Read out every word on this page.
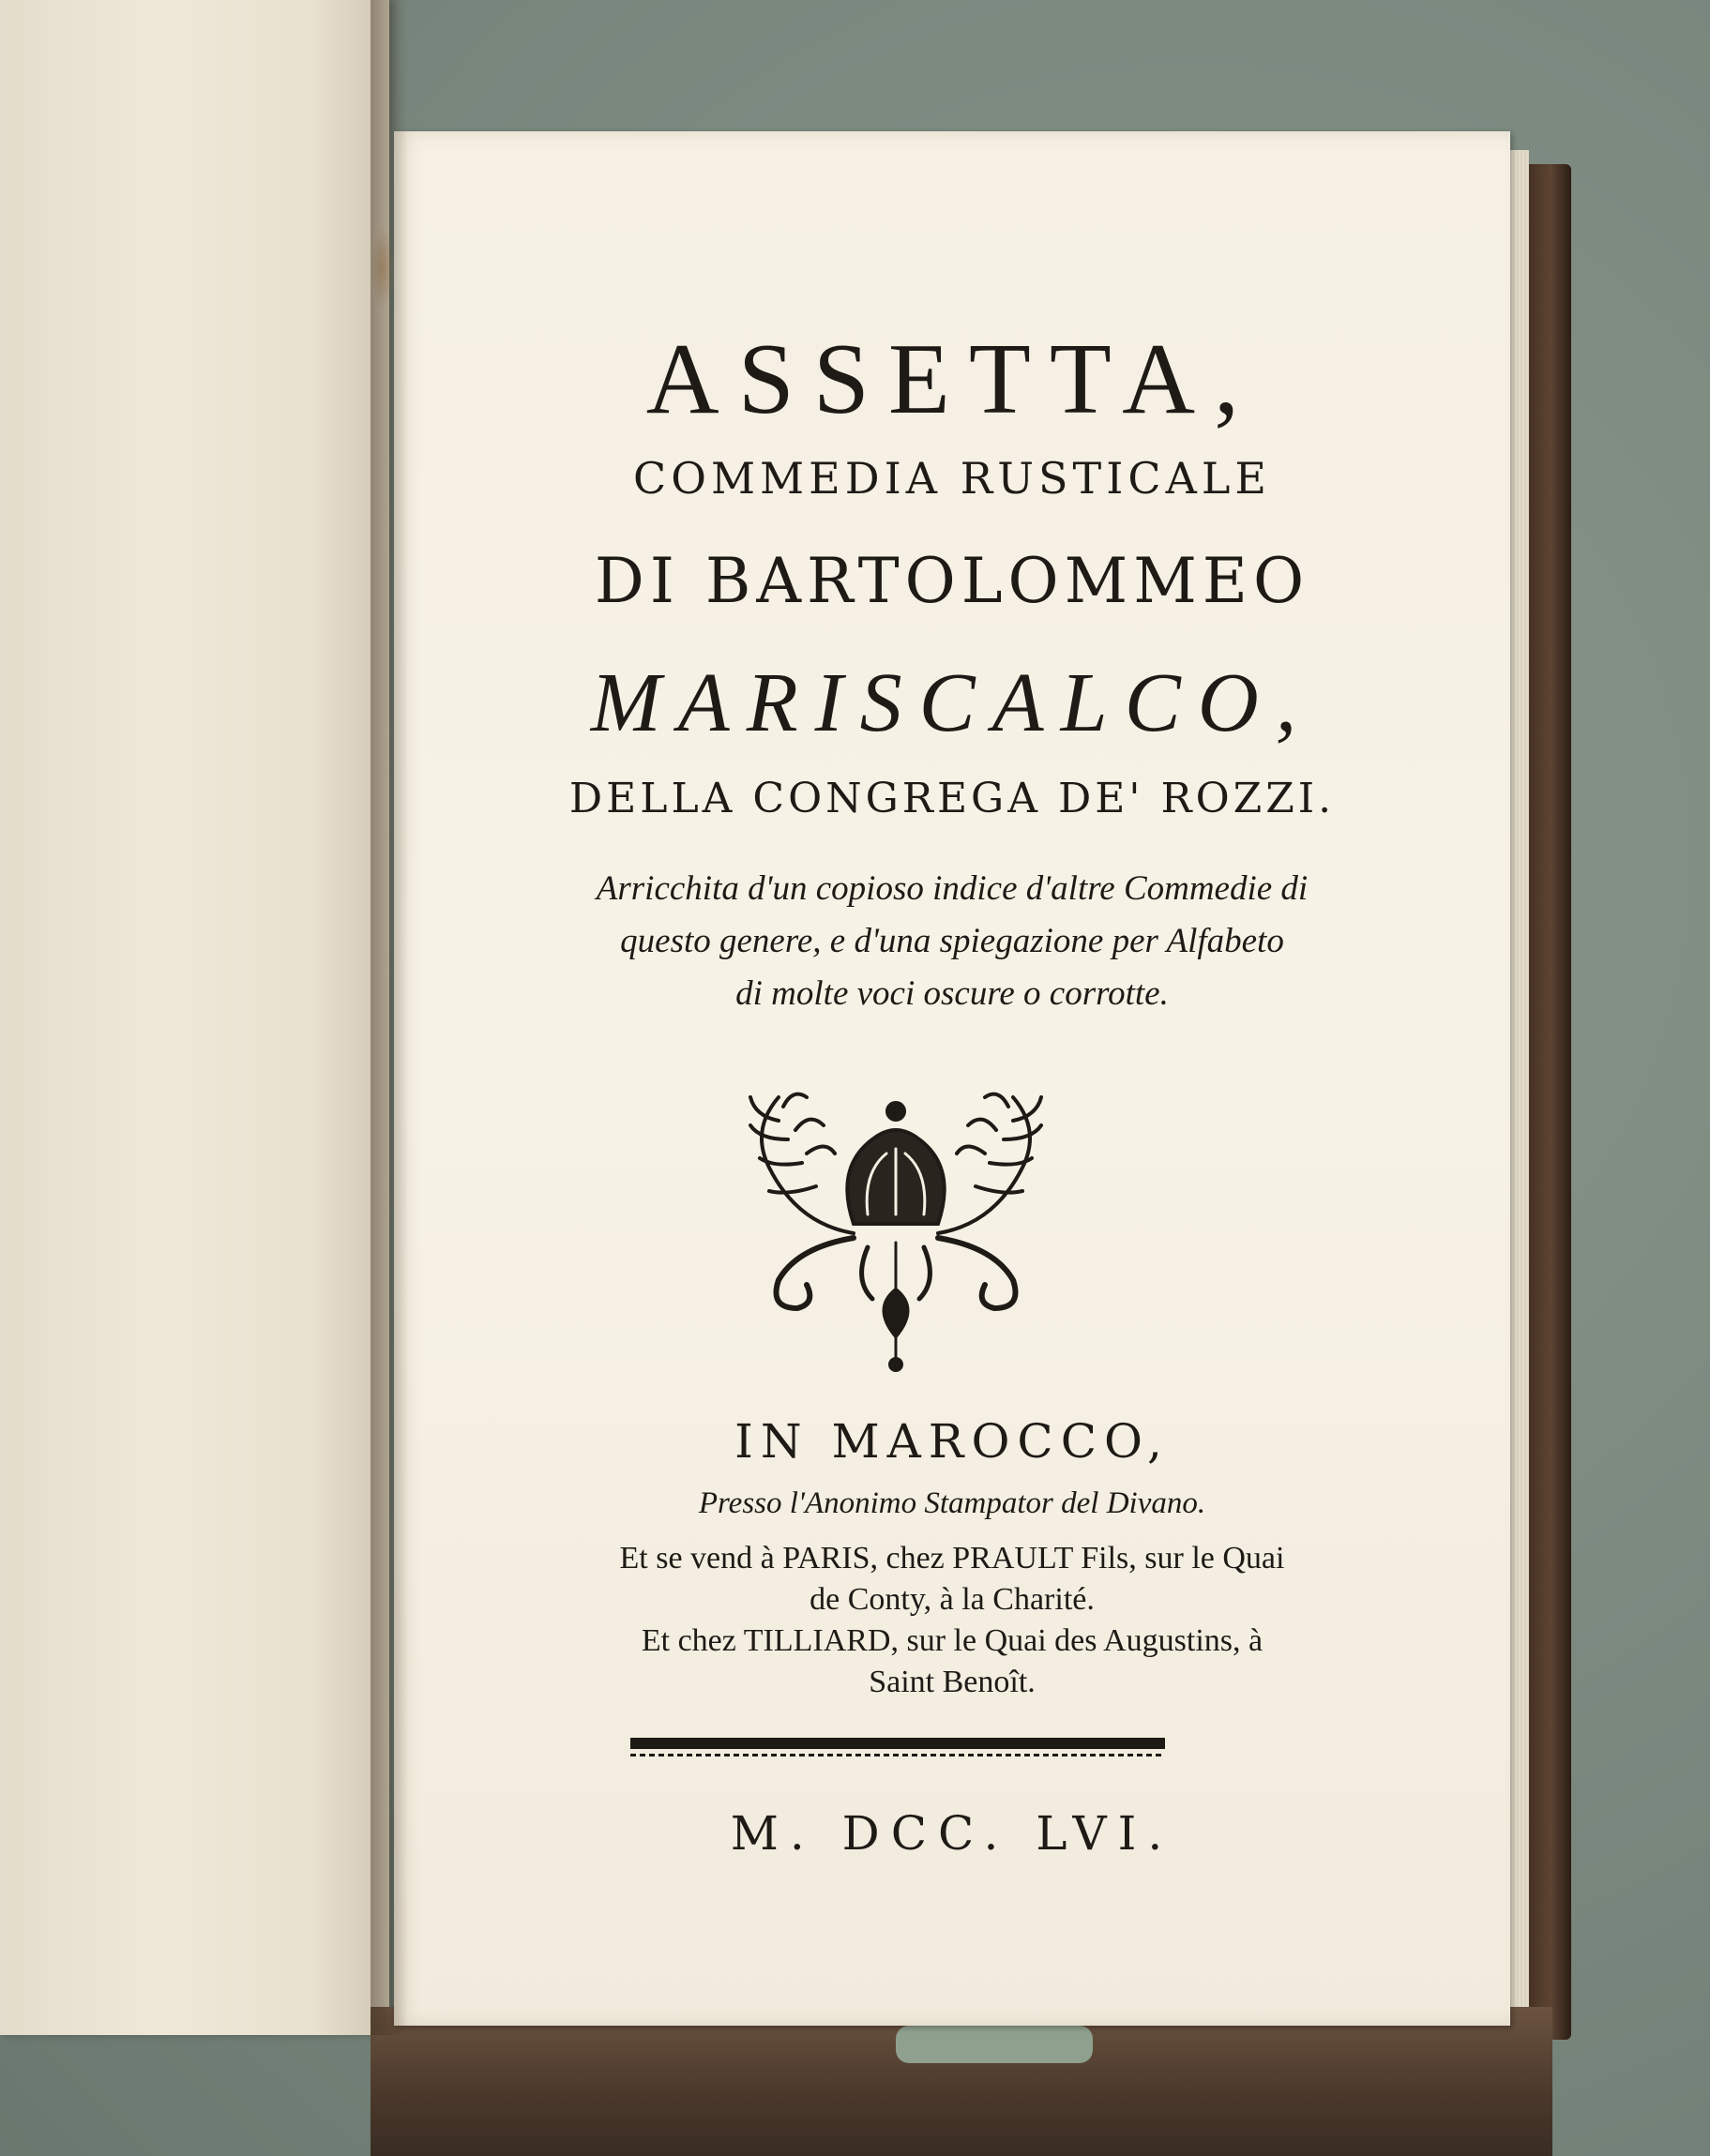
ASSETTA,
COMMEDIA RUSTICALE
DI BARTOLOMMEO
MARISCALCO,
DELLA CONGREGA DE' ROZZI.
Arricchita d'un copioso indice d'altre Commedie di
questo genere, e d'una spiegazione per Alfabeto
di molte voci oscure o corrotte.
IN MAROCCO,
Presso l'Anonimo Stampator del Divano.
Et se vend à PARIS, chez PRAULT Fils, sur le Quai
de Conty, à la Charité.
Et chez TILLIARD, sur le Quai des Augustins, à
Saint Benoît.
M. DCC. LVI.
